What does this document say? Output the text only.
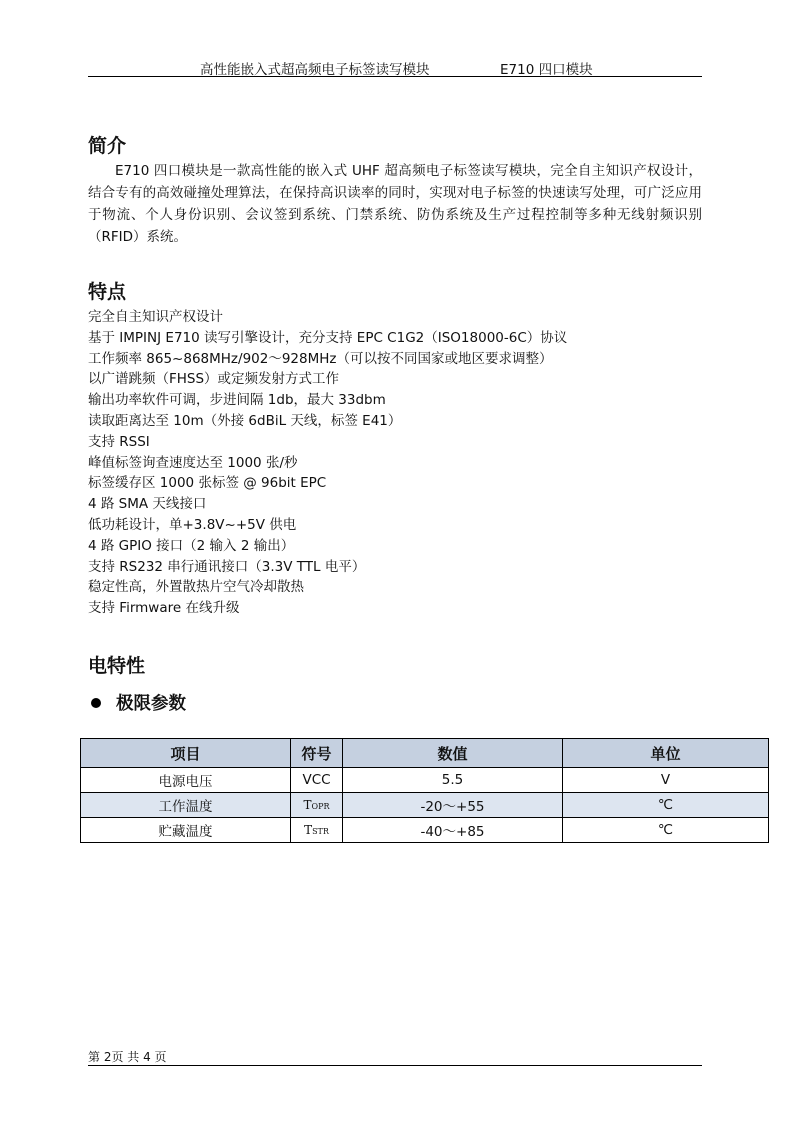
高性能嵌入式超高频电子标签读写模块	E710 四口模块
简介
E710 四口模块是一款高性能的嵌入式 UHF 超高频电子标签读写模块，完全自主知识产权设计，结合专有的高效碰撞处理算法，在保持高识读率的同时，实现对电子标签的快速读写处理，可广泛应用于物流、个人身份识别、会议签到系统、门禁系统、防伪系统及生产过程控制等多种无线射频识别（RFID）系统。
特点
完全自主知识产权设计
基于 IMPINJ E710 读写引擎设计，充分支持 EPC C1G2（ISO18000-6C）协议
工作频率 865~868MHz/902～928MHz（可以按不同国家或地区要求调整）
以广谱跳频（FHSS）或定频发射方式工作
输出功率软件可调，步进间隔 1db，最大 33dbm
读取距离达至 10m（外接 6dBiL 天线，标签 E41）
支持 RSSI
峰值标签询查速度达至 1000 张/秒
标签缓存区 1000 张标签 @ 96bit EPC
4 路 SMA 天线接口
低功耗设计，单+3.8V~+5V 供电
4 路 GPIO 接口（2 输入 2 输出）
支持 RS232 串行通讯接口（3.3V TTL 电平）
稳定性高，外置散热片空气冷却散热
支持 Firmware 在线升级
电特性
极限参数
项目	符号	数值	单位
电源电压	VCC	5.5	V
工作温度	TOPR	-20～+55	℃
贮藏温度	TSTR	-40～+85	℃
第 2页 共 4 页
